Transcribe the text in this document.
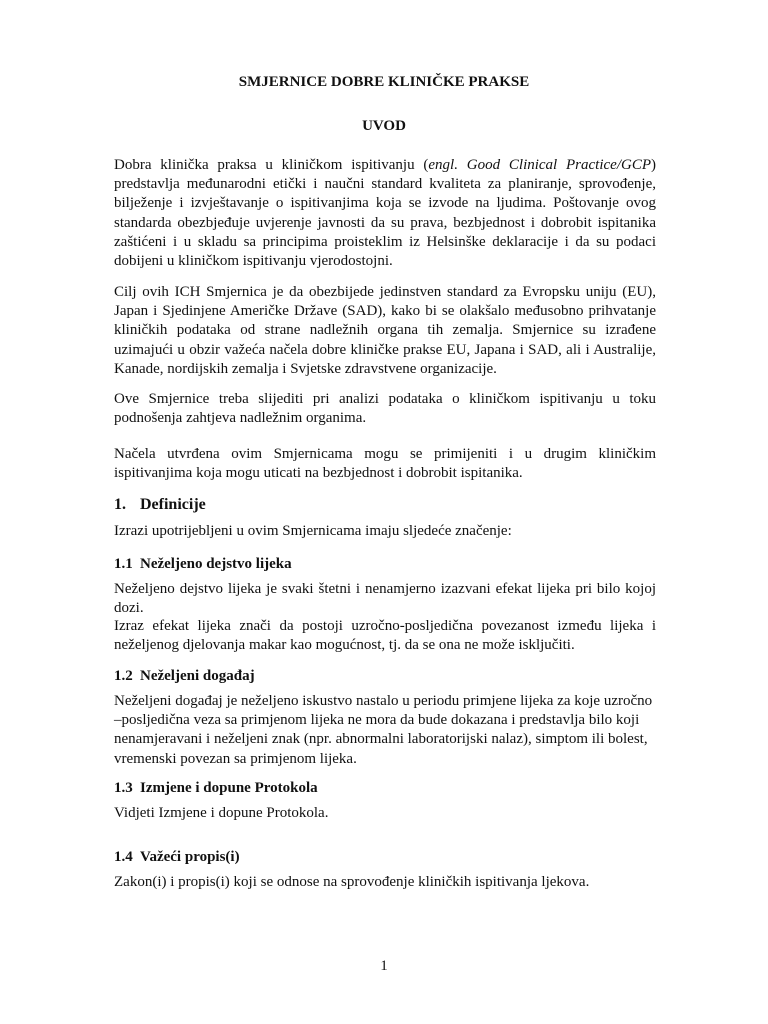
SMJERNICE DOBRE KLINIČKE PRAKSE
UVOD

Dobra klinička praksa u kliničkom ispitivanju (engl. Good Clinical Practice/GCP) predstavlja međunarodni etički i naučni standard kvaliteta za planiranje, sprovođenje, bilježenje i izvještavanje o ispitivanjima koja se izvode na ljudima. Poštovanje ovog standarda obezbjeđuje uvjerenje javnosti da su prava, bezbjednost i dobrobit ispitanika zaštićeni i u skladu sa principima proisteklim iz Helsinške deklaracije i da su podaci dobijeni u kliničkom ispitivanju vjerodostojni.

Cilj ovih ICH Smjernica je da obezbijede jedinstven standard za Evropsku uniju (EU), Japan i Sjedinjene Američke Države (SAD), kako bi se olakšalo međusobno prihvatanje kliničkih podataka od strane nadležnih organa tih zemalja. Smjernice su izrađene uzimajući u obzir važeća načela dobre kliničke prakse EU, Japana i SAD, ali i Australije, Kanade, nordijskih zemalja i Svjetske zdravstvene organizacije.

Ove Smjernice treba slijediti pri analizi podataka o kliničkom ispitivanju u toku podnošenja zahtjeva nadležnim organima.

Načela utvrđena ovim Smjernicama mogu se primijeniti i u drugim kliničkim ispitivanjima koja mogu uticati na bezbjednost i dobrobit ispitanika.

1. Definicije
Izrazi upotrijebljeni u ovim Smjernicama imaju sljedeće značenje:
1.1 Neželjeno dejstvo lijeka

Neželjeno dejstvo lijeka je svaki štetni i nenamjerno izazvani efekat lijeka pri bilo kojoj dozi.

Izraz efekat lijeka znači da postoji uzročno-posljedična povezanost između lijeka i neželjenog djelovanja makar kao mogućnost, tj. da se ona ne može isključiti.

1.2 Neželjeni događaj
Neželjeni događaj je neželjeno iskustvo nastalo u periodu primjene lijeka za koje uzročno
–posljedična veza sa primjenom lijeka ne mora da bude dokazana i predstavlja bilo koji
nenamjeravani i neželjeni znak (npr. abnormalni laboratorijski nalaz), simptom ili bolest,
vremenski povezan sa primjenom lijeka.
1.3 Izmjene i dopune Protokola
Vidjeti Izmjene i dopune Protokola.
1.4 Važeći propis(i)
Zakon(i) i propis(i) koji se odnose na sprovođenje kliničkih ispitivanja ljekova.
1
